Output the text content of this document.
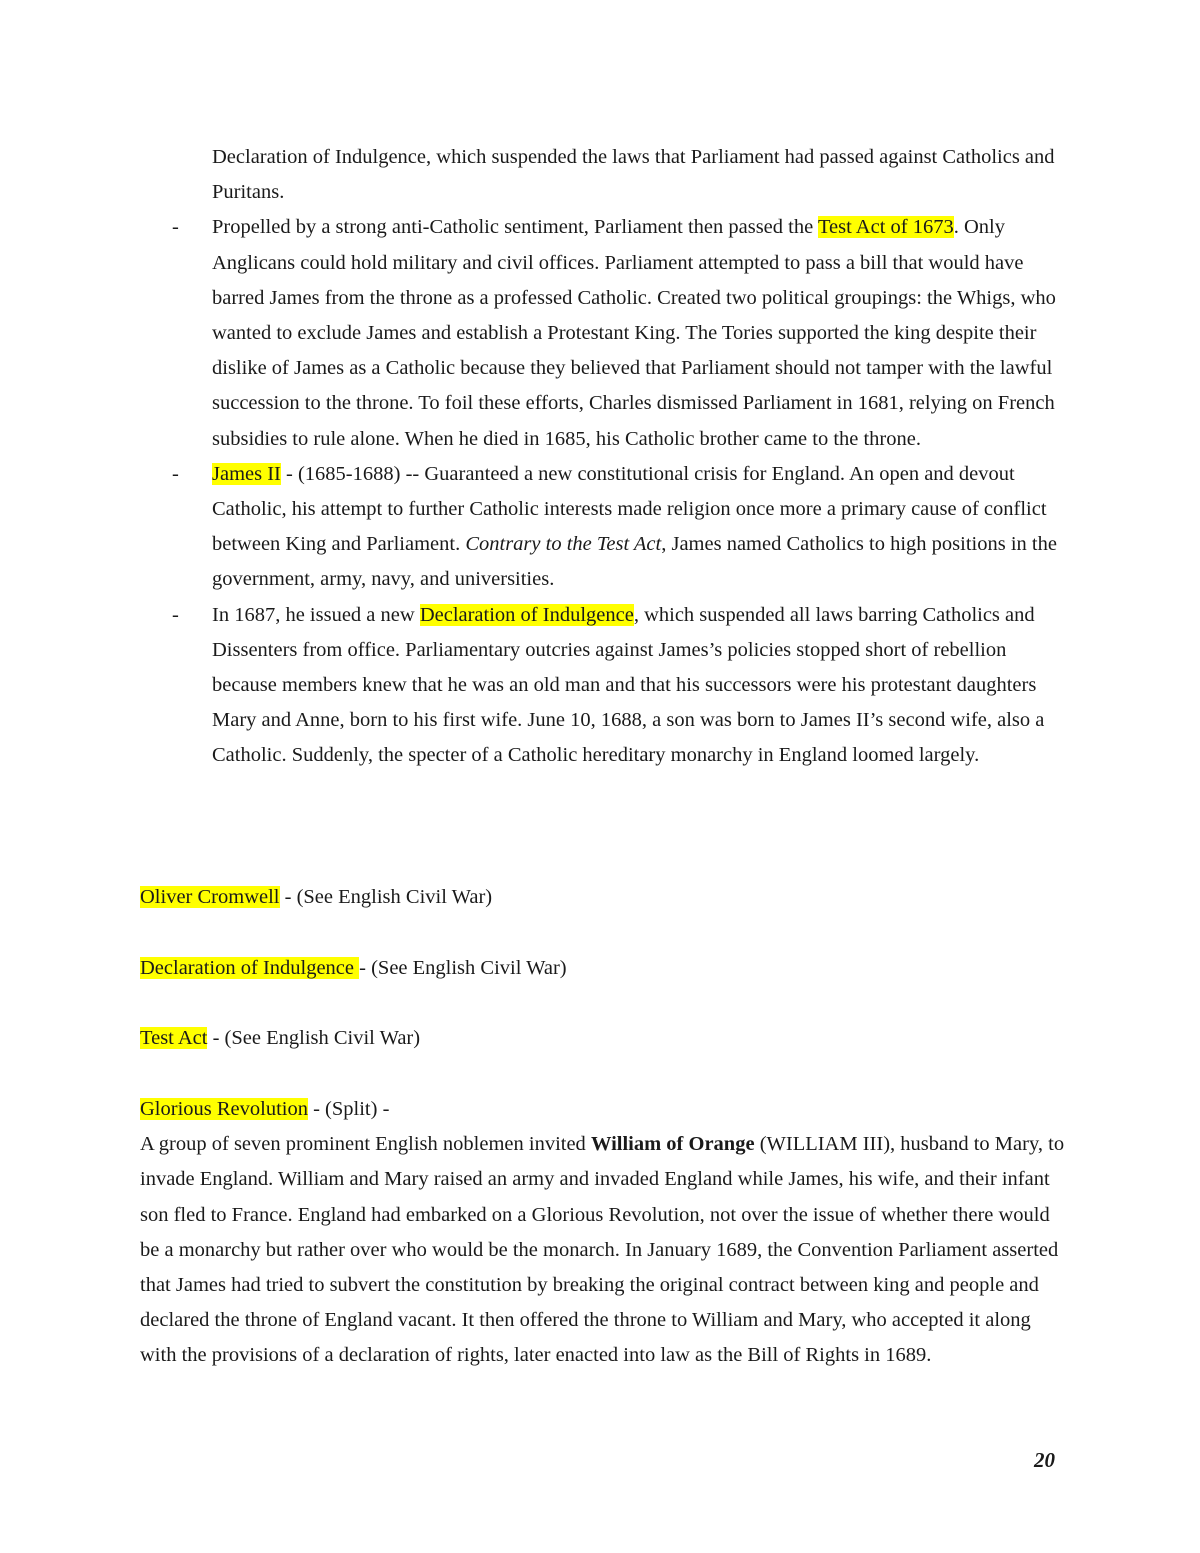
Declaration of Indulgence, which suspended the laws that Parliament had passed against Catholics and Puritans.
- Propelled by a strong anti-Catholic sentiment, Parliament then passed the Test Act of 1673. Only Anglicans could hold military and civil offices. Parliament attempted to pass a bill that would have barred James from the throne as a professed Catholic. Created two political groupings: the Whigs, who wanted to exclude James and establish a Protestant King. The Tories supported the king despite their dislike of James as a Catholic because they believed that Parliament should not tamper with the lawful succession to the throne. To foil these efforts, Charles dismissed Parliament in 1681, relying on French subsidies to rule alone. When he died in 1685, his Catholic brother came to the throne.
- James II - (1685-1688) -- Guaranteed a new constitutional crisis for England. An open and devout Catholic, his attempt to further Catholic interests made religion once more a primary cause of conflict between King and Parliament. Contrary to the Test Act, James named Catholics to high positions in the government, army, navy, and universities.
- In 1687, he issued a new Declaration of Indulgence, which suspended all laws barring Catholics and Dissenters from office. Parliamentary outcries against James’s policies stopped short of rebellion because members knew that he was an old man and that his successors were his protestant daughters Mary and Anne, born to his first wife. June 10, 1688, a son was born to James II’s second wife, also a Catholic. Suddenly, the specter of a Catholic hereditary monarchy in England loomed largely.

Oliver Cromwell - (See English Civil War)

Declaration of Indulgence - (See English Civil War)

Test Act - (See English Civil War)

Glorious Revolution - (Split) -
A group of seven prominent English noblemen invited William of Orange (WILLIAM III), husband to Mary, to invade England. William and Mary raised an army and invaded England while James, his wife, and their infant son fled to France. England had embarked on a Glorious Revolution, not over the issue of whether there would be a monarchy but rather over who would be the monarch. In January 1689, the Convention Parliament asserted that James had tried to subvert the constitution by breaking the original contract between king and people and declared the throne of England vacant. It then offered the throne to William and Mary, who accepted it along with the provisions of a declaration of rights, later enacted into law as the Bill of Rights in 1689.
20
